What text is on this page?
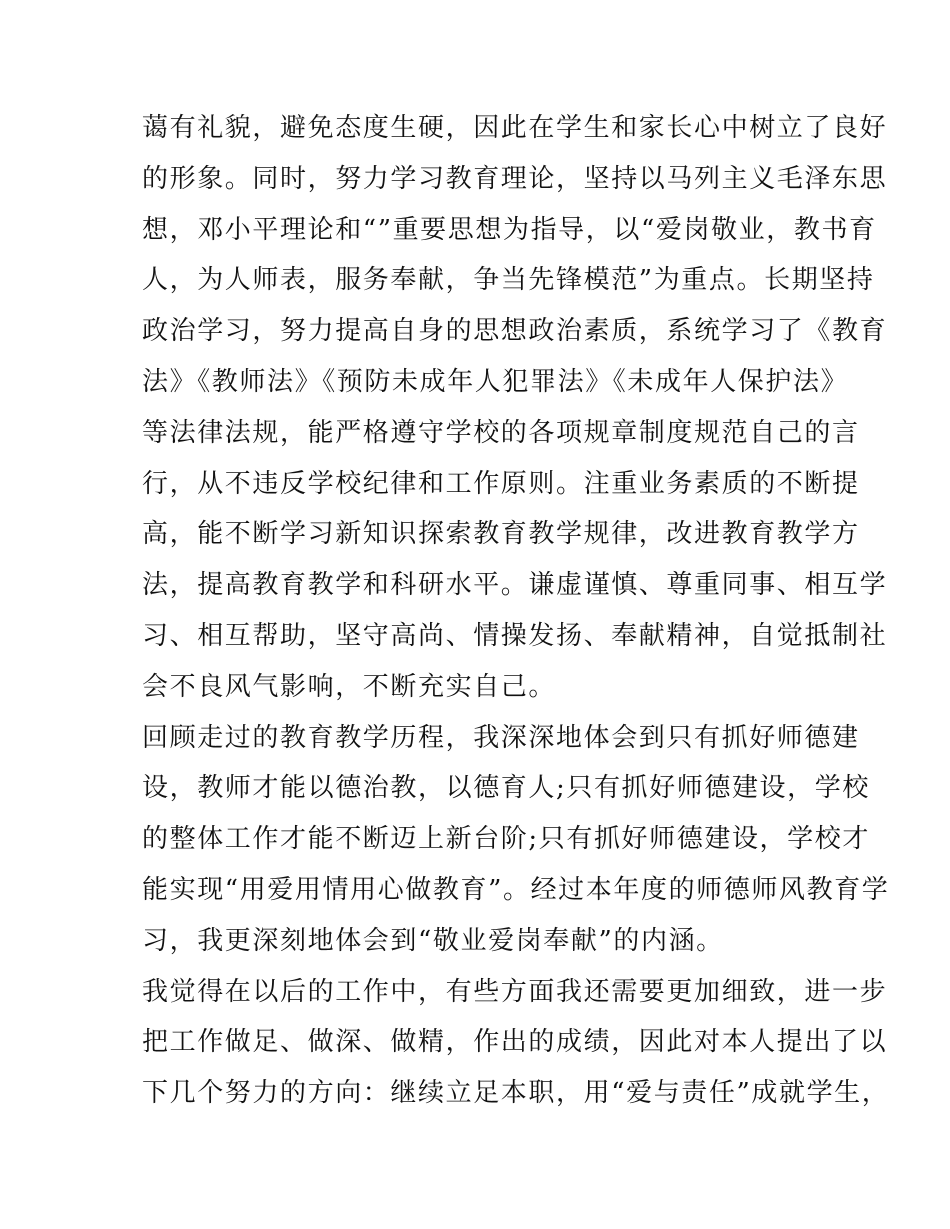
蔼有礼貌，避免态度生硬，因此在学生和家长心中树立了良好
的形象。同时，努力学习教育理论，坚持以马列主义毛泽东思
想，邓小平理论和“”重要思想为指导，以“爱岗敬业，教书育
人，为人师表，服务奉献，争当先锋模范”为重点。长期坚持
政治学习，努力提高自身的思想政治素质，系统学习了《教育
法》《教师法》《预防未成年人犯罪法》《未成年人保护法》
等法律法规，能严格遵守学校的各项规章制度规范自己的言
行，从不违反学校纪律和工作原则。注重业务素质的不断提
高，能不断学习新知识探索教育教学规律，改进教育教学方
法，提高教育教学和科研水平。谦虚谨慎、尊重同事、相互学
习、相互帮助，坚守高尚、情操发扬、奉献精神，自觉抵制社
会不良风气影响，不断充实自己。
回顾走过的教育教学历程，我深深地体会到只有抓好师德建
设，教师才能以德治教，以德育人;只有抓好师德建设，学校
的整体工作才能不断迈上新台阶;只有抓好师德建设，学校才
能实现“用爱用情用心做教育”。经过本年度的师德师风教育学
习，我更深刻地体会到“敬业爱岗奉献”的内涵。
我觉得在以后的工作中，有些方面我还需要更加细致，进一步
把工作做足、做深、做精，作出的成绩，因此对本人提出了以
下几个努力的方向：继续立足本职，用“爱与责任”成就学生，
